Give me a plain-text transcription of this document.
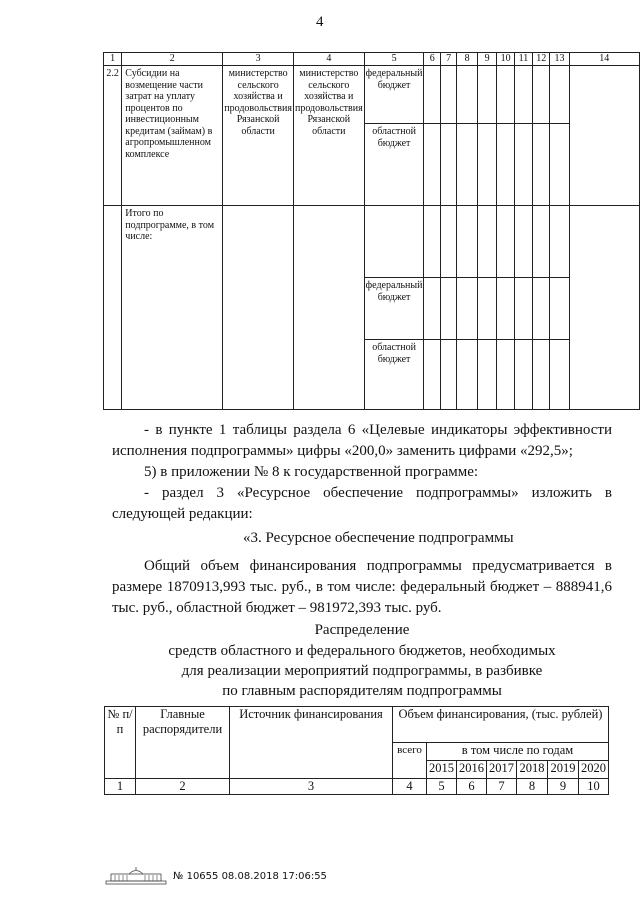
4
1	2	3	4	5	6	7	8	9	10	11	12	13	14
2.2	Субсидии на возмещение части затрат на уплату процентов по инвестиционным кредитам (займам) в агропромышленном комплексе	министерство сельского хозяйства и продовольствия Рязанской области	министерство сельского хозяйства и продовольствия Рязанской области	федеральный бюджет	

				областной бюджет	

	Итого по подпрограмме, в том числе:				

				федеральный бюджет	

				областной бюджет	

- в пункте 1 таблицы раздела 6 «Целевые индикаторы эффективности исполнения подпрограммы» цифры «200,0» заменить цифрами «292,5»;
5) в приложении № 8 к государственной программе:
- раздел 3 «Ресурсное обеспечение подпрограммы» изложить в следующей редакции:
«3. Ресурсное обеспечение подпрограммы
Общий объем финансирования подпрограммы предусматривается в размере 1870913,993 тыс. руб., в том числе: федеральный бюджет – 888941,6 тыс. руб., областной бюджет – 981972,393 тыс. руб.
Распределение
средств областного и федерального бюджетов, необходимых
для реализации мероприятий подпрограммы, в разбивке
по главным распорядителям подпрограммы
№ п/п	Главные распорядители	Источник финансирования	Объем финансирования, (тыс. рублей)						
			всего	в том числе по годам					
				2015	2016	2017	2018	2019	2020
1	2	3	4	5	6	7	8	9	10
№ 10655 08.08.2018 17:06:55
